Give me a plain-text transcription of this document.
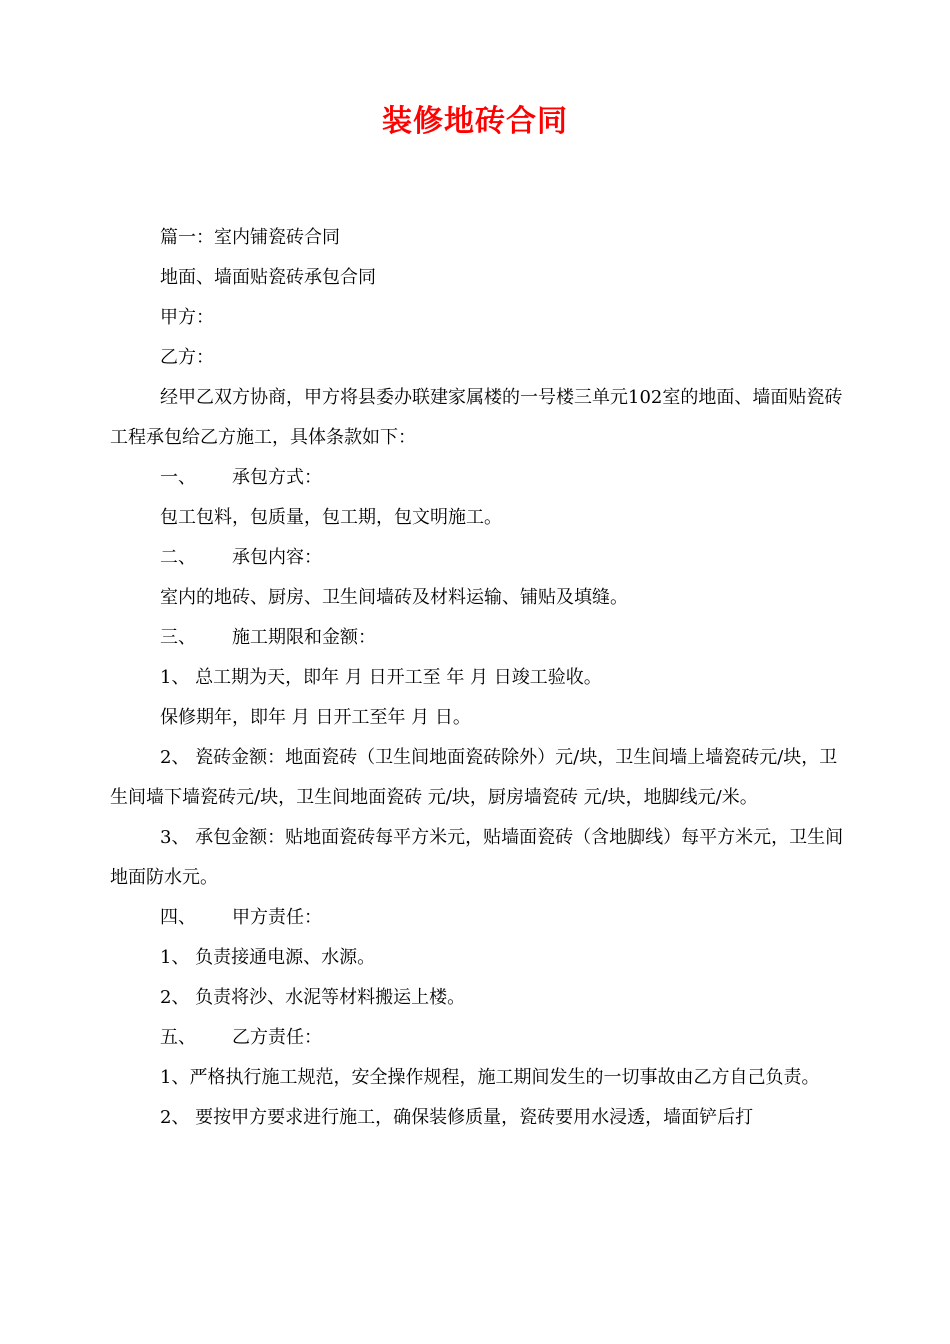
装修地砖合同

篇一：室内铺瓷砖合同

地面、墙面贴瓷砖承包合同

甲方：

乙方：

经甲乙双方协商，甲方将县委办联建家属楼的一号楼三单元102室的地面、墙面贴瓷砖工程承包给乙方施工，具体条款如下：

一、 承包方式：

包工包料，包质量，包工期，包文明施工。

二、 承包内容：

室内的地砖、厨房、卫生间墙砖及材料运输、铺贴及填缝。

三、 施工期限和金额：

1、 总工期为天，即年 月 日开工至 年 月 日竣工验收。

保修期年，即年 月 日开工至年 月 日。

2、 瓷砖金额：地面瓷砖（卫生间地面瓷砖除外）元/块，卫生间墙上墙瓷砖元/块，卫生间墙下墙瓷砖元/块，卫生间地面瓷砖 元/块，厨房墙瓷砖 元/块，地脚线元/米。

3、 承包金额：贴地面瓷砖每平方米元，贴墙面瓷砖（含地脚线）每平方米元，卫生间地面防水元。

四、 甲方责任：

1、 负责接通电源、水源。

2、 负责将沙、水泥等材料搬运上楼。

五、 乙方责任：

1、严格执行施工规范，安全操作规程，施工期间发生的一切事故由乙方自己负责。

2、 要按甲方要求进行施工，确保装修质量，瓷砖要用水浸透，墙面铲后打
